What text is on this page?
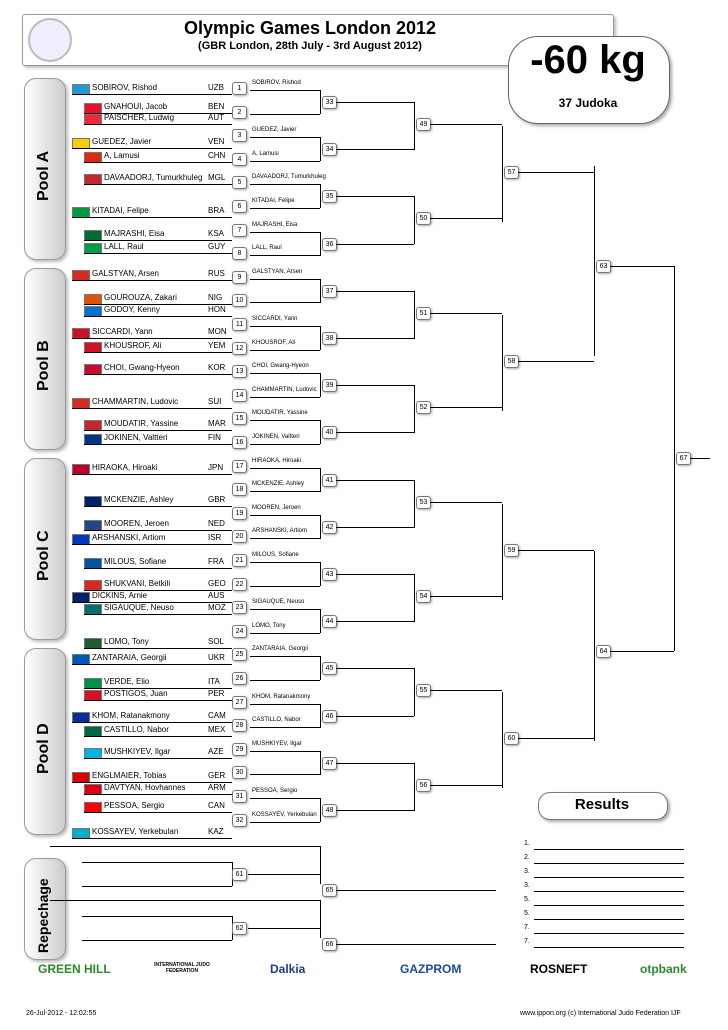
Olympic Games London 2012
(GBR London, 28th July - 3rd August 2012)	-60 kg
37 Judoka
Pool A
Pool B
Pool C
Pool D
Repechage
SOBIROV, Rishod	UZB
GNAHOUI, Jacob	BEN
PAISCHER, Ludwig	AUT
GUEDEZ, Javier	VEN
A, Lamusi	CHN
DAVAADORJ, Tumurkhuleg MGL
KITADAI, Felipe	BRA
MAJRASHI, Eisa	KSA
LALL, Raul	GUY
GALSTYAN, Arsen	RUS
GOUROUZA, Zakari	NIG
GODOY, Kenny	HON
SICCARDI, Yann	MON
KHOUSROF, Ali	YEM
CHOI, Gwang-Hyeon	KOR
CHAMMARTIN, Ludovic	SUI
MOUDATIR, Yassine	MAR
JOKINEN, Valtteri	FIN
HIRAOKA, Hiroaki	JPN
MCKENZIE, Ashley	GBR
MOOREN, Jeroen	NED
ARSHANSKI, Artiom	ISR
MILOUS, Sofiane	FRA
SHUKVANI, Betkili	GEO
DICKINS, Arnie	AUS
SIGAUQUE, Neuso	MOZ
LOMO, Tony	SOL
ZANTARAIA, Georgii	UKR
VERDE, Elio	ITA
POSTIGOS, Juan	PER
KHOM, Ratanakmony	CAM
CASTILLO, Nabor	MEX
MUSHKIYEV, Ilgar	AZE
ENGLMAIER, Tobias	GER
DAVTYAN, Hovhannes	ARM
PESSOA, Sergio	CAN
KOSSAYEV, Yerkebulan	KAZ
1
SOBIROV, Rishod
2
3
GUEDEZ, Javier
4
A, Lamusi
5
DAVAADORJ, Tumurkhuleg
6
KITADAI, Felipe
7
MAJRASHI, Eisa
8
LALL, Raul
9
GALSTYAN, Arsen
10
11
SICCARDI, Yann
12
KHOUSROF, Ali
13
CHOI, Gwang-Hyeon
14
CHAMMARTIN, Ludovic
15
MOUDATIR, Yassine
16
JOKINEN, Valtteri
17
HIRAOKA, Hiroaki
18
MCKENZIE, Ashley
19
MOOREN, Jeroen
20
ARSHANSKI, Artiom
21
MILOUS, Sofiane
22
23
SIGAUQUE, Neuso
24
LOMO, Tony
25
ZANTARAIA, Georgii
26
27
KHOM, Ratanakmony
28
CASTILLO, Nabor
29
MUSHKIYEV, Ilgar
30
31
PESSOA, Sergio
32
KOSSAYEV, Yerkebulan
33
34
35
36
37
38
39
40
41
42
43
44
45
46
47
48
49
50
51
52
53
54
55
56
57
58
59
60
63
64
67
61
62
65
66
Results
1.
2.
3.
3.
5.
5.
7.
7.
GREEN HILL	INTERNATIONAL JUDO FEDERATION	Dalkia	GAZPROM	ROSNEFT	otpbank
26-Jul-2012 - 12:02:55	www.ippon.org (c) International Judo Federation IJF
